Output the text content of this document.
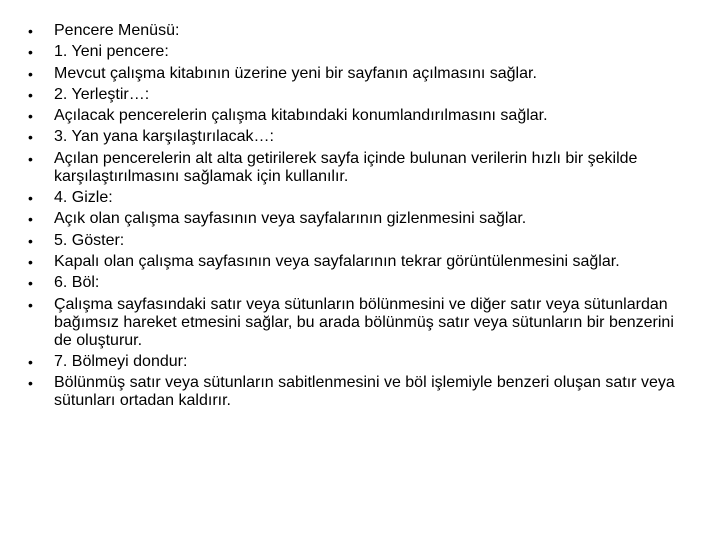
•	Pencere Menüsü:
•	1. Yeni pencere:
•	Mevcut çalışma kitabının üzerine yeni bir sayfanın açılmasını sağlar.
•	2. Yerleştir…:
•	Açılacak pencerelerin çalışma kitabındaki konumlandırılmasını sağlar.
•	3. Yan yana karşılaştırılacak…:
•	Açılan pencerelerin alt alta getirilerek sayfa içinde bulunan verilerin hızlı bir şekilde karşılaştırılmasını sağlamak için kullanılır.
•	4. Gizle:
•	Açık olan çalışma sayfasının veya sayfalarının gizlenmesini sağlar.
•	5. Göster:
•	Kapalı olan çalışma sayfasının veya sayfalarının tekrar görüntülenmesini sağlar.
•	6. Böl:
•	Çalışma sayfasındaki satır veya sütunların bölünmesini ve diğer satır veya sütunlardan bağımsız hareket etmesini sağlar, bu arada bölünmüş satır veya sütunların bir benzerini de oluşturur.
•	7. Bölmeyi dondur:
•	Bölünmüş satır veya sütunların sabitlenmesini ve böl işlemiyle benzeri oluşan satır veya sütunları ortadan kaldırır.
